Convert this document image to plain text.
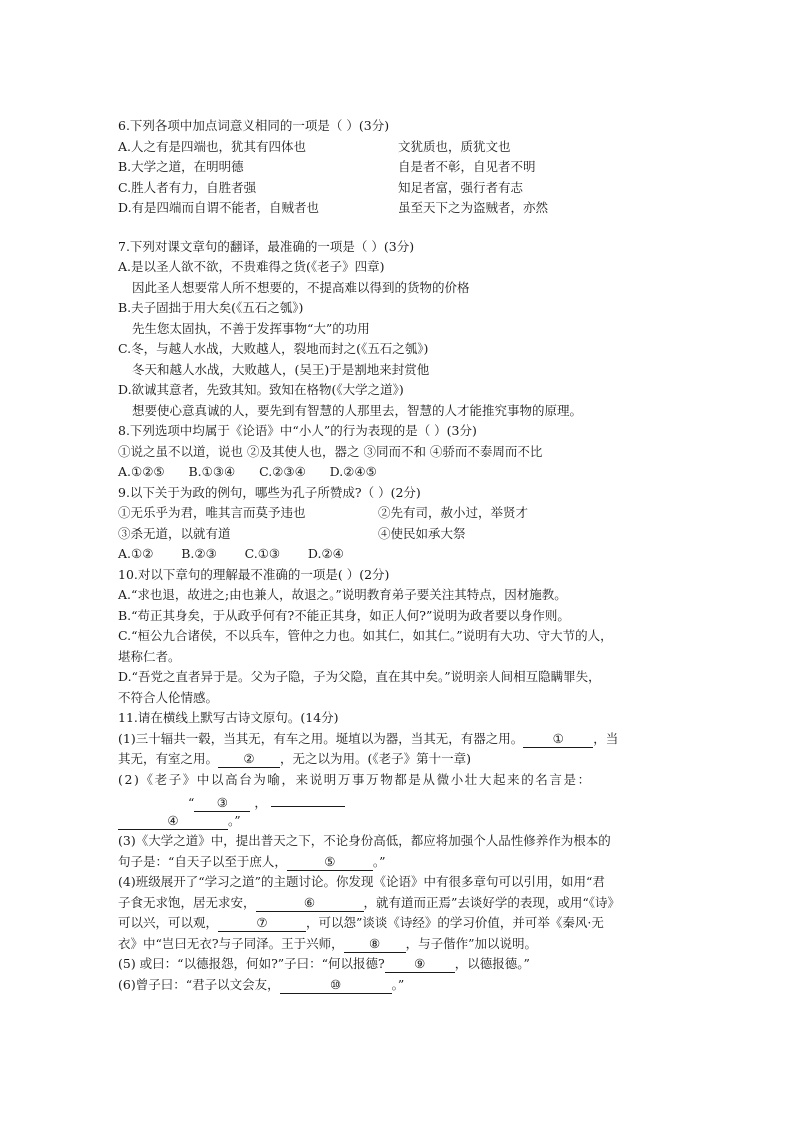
6.下列各项中加点词意义相同的一项是（ ）(3分)
A.人之有是四端也，犹其有四体也	文犹质也，质犹文也
B.大学之道，在明明德	自是者不彰，自见者不明
C.胜人者有力，自胜者强	知足者富，强行者有志
D.有是四端而自谓不能者，自贼者也	虽至天下之为盗贼者，亦然
7.下列对课文章句的翻译，最准确的一项是（ ）(3分)
A.是以圣人欲不欲，不贵难得之货(《老子》四章)
因此圣人想要常人所不想要的，不提高难以得到的货物的价格
B.夫子固拙于用大矣(《五石之瓠》)
先生您太固执，不善于发挥事物“大”的功用
C.冬，与越人水战，大败越人，裂地而封之(《五石之瓠》)
冬天和越人水战，大败越人，(吴王)于是割地来封赏他
D.欲诚其意者，先致其知。致知在格物(《大学之道》)
想要使心意真诚的人，要先到有智慧的人那里去，智慧的人才能推究事物的原理。
8.下列选项中均属于《论语》中“小人”的行为表现的是（ ）(3分)
①说之虽不以道，说也 ②及其使人也，器之 ③同而不和 ④骄而不泰周而不比
A.①②⑤      B.①③④      C.②③④      D.②④⑤
9.以下关于为政的例句，哪些为孔子所赞成?（ ）(2分)
①无乐乎为君，唯其言而莫予违也	②先有司，赦小过，举贤才
③杀无道，以就有道	④使民如承大祭
A.①②       B.②③       C.①③       D.②④
10.对以下章句的理解最不准确的一项是( ）(2分)
A.“求也退，故进之;由也兼人，故退之。”说明教育弟子要关注其特点，因材施教。
B.“苟正其身矣，于从政乎何有?不能正其身，如正人何?”说明为政者要以身作则。
C.“桓公九合诸侯，不以兵车，管仲之力也。如其仁，如其仁。”说明有大功、守大节的人，
堪称仁者。
D.“吾党之直者异于是。父为子隐，子为父隐，直在其中矣。”说明亲人间相互隐瞒罪失，
不符合人伦情感。
11.请在横线上默写古诗文原句。(14分)
(1)三十辐共一毂，当其无，有车之用。埏埴以为器，当其无，有器之用。 ① ，当
其无，有室之用。 ② ，无之以为用。(《老子》第十一章)
(2)《老子》中以高台为喻，来说明万事万物都是从微小壮大起来的名言是：
“ ③ ，
④	。”
(3)《大学之道》中，提出普天之下，不论身份高低，都应将加强个人品性修养作为根本的
句子是：“自天子以至于庶人，	⑤	。”
(4)班级展开了“学习之道”的主题讨论。你发现《论语》中有很多章句可以引用，如用“君
子食无求饱，居无求安，	⑥	，就有道而正焉”去谈好学的表现，或用“《诗》
可以兴，可以观，	⑦	，可以怨”谈谈《诗经》的学习价值，并可举《秦风·无
衣》中“岂曰无衣?与子同泽。王于兴师， ⑧ ，与子偕作”加以说明。
(5) 或曰：“以德报怨，何如?”子曰：“何以报德? ⑨ ，以德报德。”
(6)曾子曰：“君子以文会友，	⑩	。”
